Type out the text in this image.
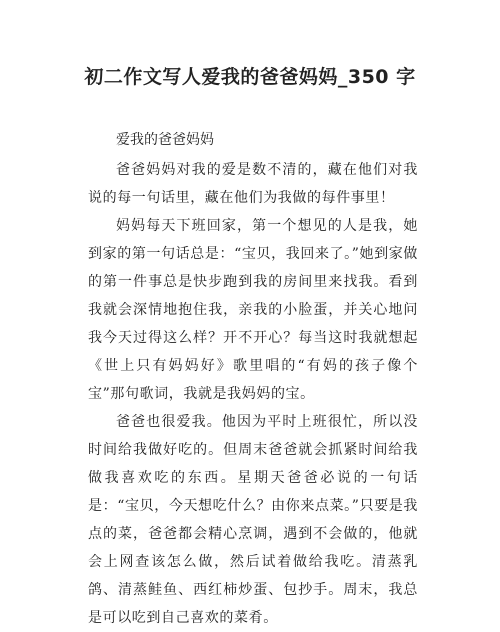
初二作文写人爱我的爸爸妈妈_350 字

爱我的爸爸妈妈

爸爸妈妈对我的爱是数不清的，藏在他们对我说的每一句话里，藏在他们为我做的每件事里！

妈妈每天下班回家，第一个想见的人是我，她到家的第一句话总是：“宝贝，我回来了。”她到家做的第一件事总是快步跑到我的房间里来找我。看到我就会深情地抱住我，亲我的小脸蛋，并关心地问我今天过得这么样？开不开心？每当这时我就想起《世上只有妈妈好》歌里唱的“有妈的孩子像个宝”那句歌词，我就是我妈妈的宝。

爸爸也很爱我。他因为平时上班很忙，所以没时间给我做好吃的。但周末爸爸就会抓紧时间给我做我喜欢吃的东西。星期天爸爸必说的一句话是：“宝贝，今天想吃什么？由你来点菜。”只要是我点的菜，爸爸都会精心烹调，遇到不会做的，他就会上网查该怎么做，然后试着做给我吃。清蒸乳鸽、清蒸鲑鱼、西红柿炒蛋、包抄手。周末，我总是可以吃到自己喜欢的菜肴。
